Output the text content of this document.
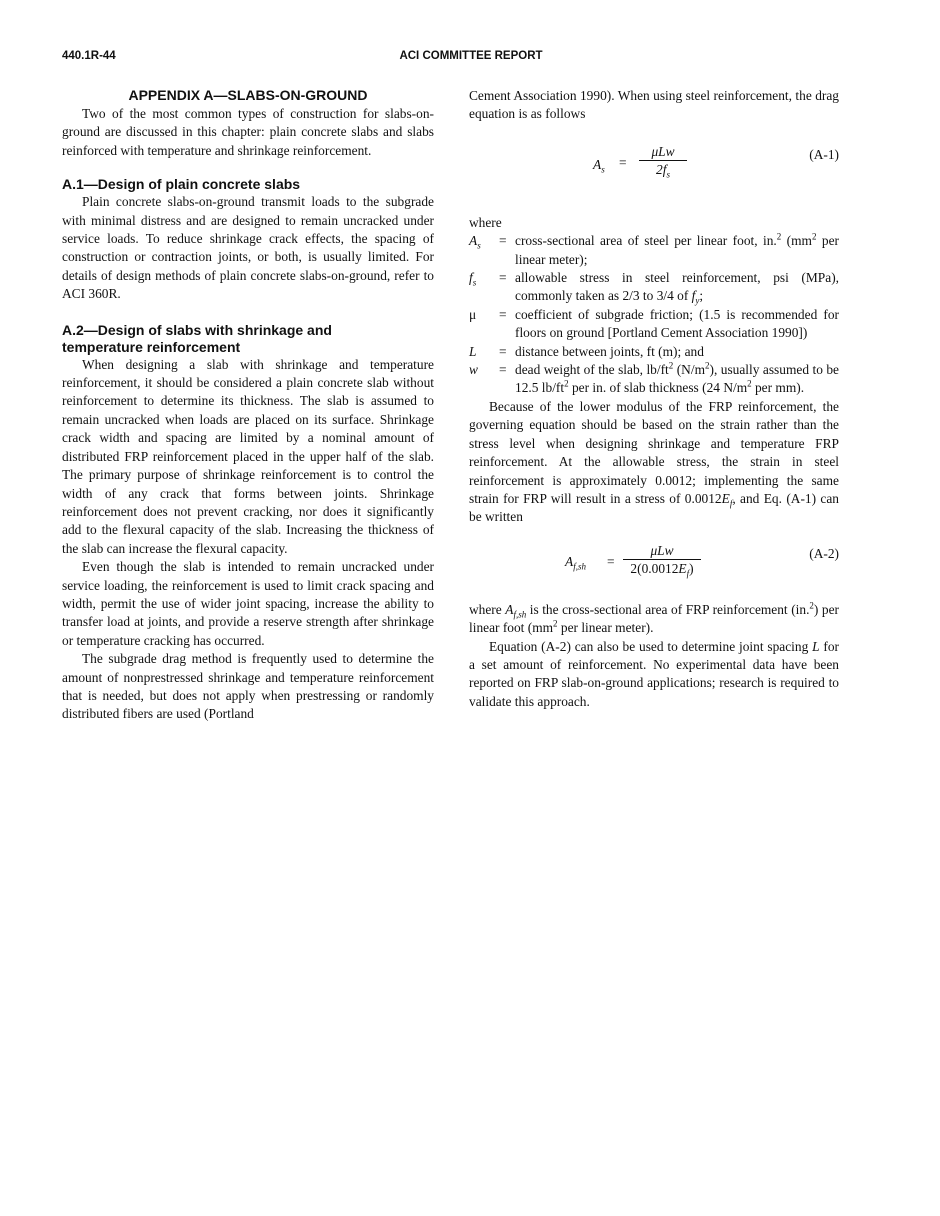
440.1R-44	ACI COMMITTEE REPORT
APPENDIX A—SLABS-ON-GROUND

Two of the most common types of construction for slabs-on-ground are discussed in this chapter: plain concrete slabs and slabs reinforced with temperature and shrinkage reinforcement.

A.1—Design of plain concrete slabs

Plain concrete slabs-on-ground transmit loads to the subgrade with minimal distress and are designed to remain uncracked under service loads. To reduce shrinkage crack effects, the spacing of construction or contraction joints, or both, is usually limited. For details of design methods of plain concrete slabs-on-ground, refer to ACI 360R.

A.2—Design of slabs with shrinkage and
temperature reinforcement

When designing a slab with shrinkage and temperature reinforcement, it should be considered a plain concrete slab without reinforcement to determine its thickness. The slab is assumed to remain uncracked when loads are placed on its surface. Shrinkage crack width and spacing are limited by a nominal amount of distributed FRP reinforcement placed in the upper half of the slab. The primary purpose of shrinkage reinforcement is to control the width of any crack that forms between joints. Shrinkage reinforcement does not prevent cracking, nor does it significantly add to the flexural capacity of the slab. Increasing the thickness of the slab can increase the flexural capacity.

Even though the slab is intended to remain uncracked under service loading, the reinforcement is used to limit crack spacing and width, permit the use of wider joint spacing, increase the ability to transfer load at joints, and provide a reserve strength after shrinkage or temperature cracking has occurred.

The subgrade drag method is frequently used to determine the amount of nonprestressed shrinkage and temperature reinforcement that is needed, but does not apply when prestressing or randomly distributed fibers are used (Portland

Cement Association 1990). When using steel reinforcement, the drag equation is as follows

$A_s$ =
μLw
$2f_s$
(A-1)
where
$A_s$	= cross-sectional area of steel per linear foot, in.$^2$ ($mm^2$ per linear meter);
$f_s$	= allowable stress in steel reinforcement, psi (MPa), commonly taken as 2/3 to 3/4 of $f_y$;
μ	= coefficient of subgrade friction; (1.5 is recommended for floors on ground [Portland Cement Association 1990])
L	= distance between joints, ft (m); and
w	= dead weight of the slab, $lb/ft^2$ $(N/m^2)$, usually assumed to be 12.5 $lb/ft^2$ per in. of slab thickness (24 $N/m^2$ per mm).

Because of the lower modulus of the FRP reinforcement, the governing equation should be based on the strain rather than the stress level when designing shrinkage and temperature FRP reinforcement. At the allowable stress, the strain in steel reinforcement is approximately 0.0012; implementing the same strain for FRP will result in a stress of $0.0012E_f$, and Eq. (A-1) can be written

$A_{f,sh}$ =
μLw
$2(0.0012E_f)$
(A-2)

where $A_{f,sh}$ is the cross-sectional area of FRP reinforcement (in.$^2$) per linear foot ($mm^2$ per linear meter).

Equation (A-2) can also be used to determine joint spacing L for a set amount of reinforcement. No experimental data have been reported on FRP slab-on-ground applications; research is required to validate this approach.
